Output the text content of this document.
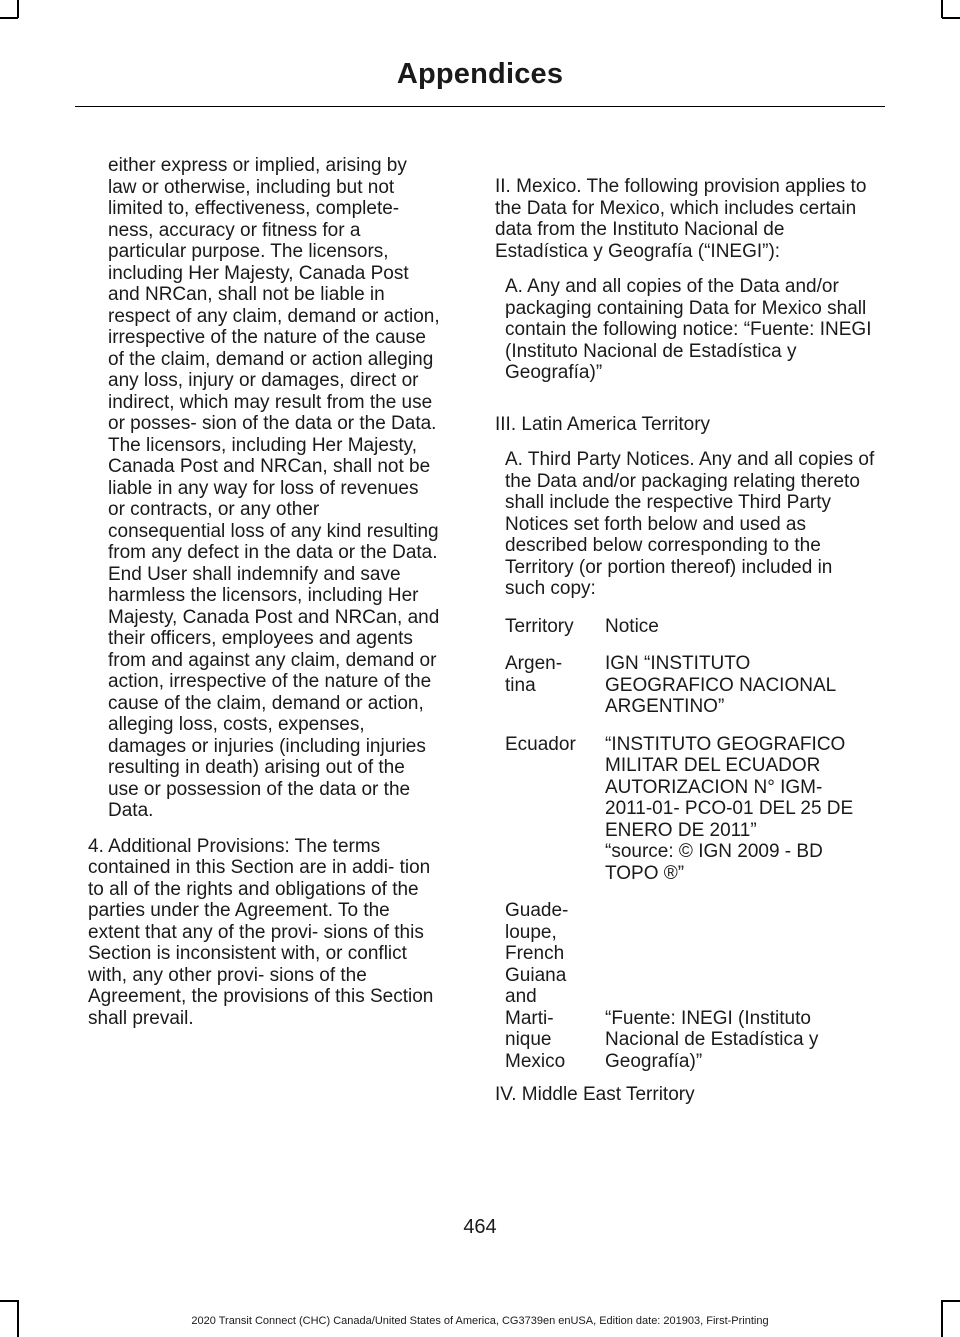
Appendices

either express or implied, arising by law or otherwise, including but not limited to, effectiveness, complete- ness, accuracy or fitness for a particular purpose. The licensors, including Her Majesty, Canada Post and NRCan, shall not be liable in respect of any claim, demand or action, irrespective of the nature of the cause of the claim, demand or action alleging any loss, injury or damages, direct or indirect, which may result from the use or posses- sion of the data or the Data. The licensors, including Her Majesty, Canada Post and NRCan, shall not be liable in any way for loss of revenues or contracts, or any other consequential loss of any kind resulting from any defect in the data or the Data.

End User shall indemnify and save harmless the licensors, including Her Majesty, Canada Post and NRCan, and their officers, employees and agents from and against any claim, demand or action, irrespective of the nature of the cause of the claim, demand or action, alleging loss, costs, expenses, damages or injuries (including injuries resulting in death) arising out of the use or possession of the data or the Data.

4. Additional Provisions: The terms contained in this Section are in addi- tion to all of the rights and obligations of the parties under the Agreement. To the extent that any of the provi- sions of this Section is inconsistent with, or conflict with, any other provi- sions of the Agreement, the provisions of this Section shall prevail.

II. Mexico. The following provision applies to the Data for Mexico, which includes certain data from the Instituto Nacional de Estadística y Geografía (“INEGI”):

A. Any and all copies of the Data and/or packaging containing Data for Mexico shall contain the following notice: “Fuente: INEGI (Instituto Nacional de Estadística y Geografía)”

III. Latin America Territory

A. Third Party Notices. Any and all copies of the Data and/or packaging relating thereto shall include the respective Third Party Notices set forth below and used as described below corresponding to the Territory (or portion thereof) included in such copy:

Territory	Notice
Argen-
tina
IGN “INSTITUTO GEOGRAFICO NACIONAL ARGENTINO”
Ecuador	“INSTITUTO GEOGRAFICO MILITAR DEL ECUADOR AUTORIZACION N° IGM- 2011-01- PCO-01 DEL 25 DE ENERO DE 2011”
“source: © IGN 2009 - BD TOPO ®”
Guade-
loupe,
French
Guiana
and
Marti-
nique
Mexico
“Fuente: INEGI (Instituto Nacional de Estadística y Geografía)”

IV. Middle East Territory

464
2020 Transit Connect (CHC) Canada/United States of America, CG3739en enUSA, Edition date: 201903, First-Printing
